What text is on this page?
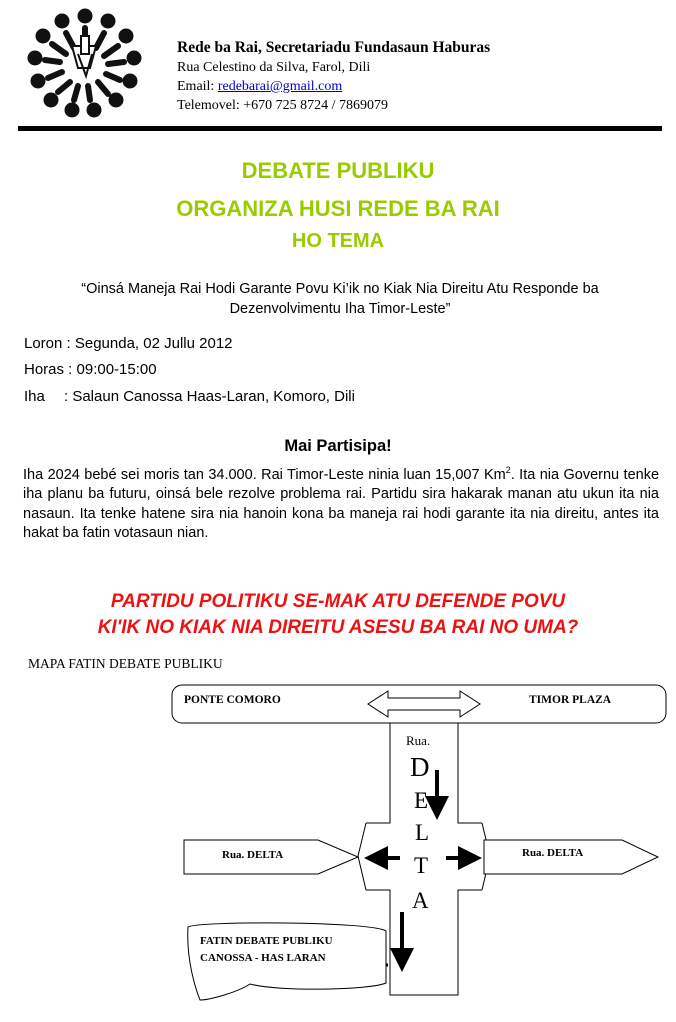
Rede ba Rai, Secretariadu Fundasaun Haburas
Rua Celestino da Silva, Farol, Dili
Email: redebarai@gmail.com
Telemovel: +670 725 8724 / 7869079
DEBATE PUBLIKU
ORGANIZA HUSI REDE BA RAI
HO TEMA
“Oinsá Maneja Rai Hodi Garante Povu Ki’ik no Kiak Nia Direitu Atu Responde ba Dezenvolvimentu Iha Timor-Leste”
Loron : Segunda, 02 Jullu 2012
Horas : 09:00-15:00
Iha : Salaun Canossa Haas-Laran, Komoro, Dili
Mai Partisipa!
Iha 2024 bebé sei moris tan 34.000. Rai Timor-Leste ninia luan 15,007 Km$^2$. Ita nia Governu tenke iha planu ba futuru, oinsá bele rezolve problema rai. Partidu sira hakarak manan atu ukun ita nia nasaun. Ita tenke hatene sira nia hanoin kona ba maneja rai hodi garante ita nia direitu, antes ita hakat ba fatin votasaun nian.
PARTIDU POLITIKU SE-MAK ATU DEFENDE POVU
KI'IK NO KIAK NIA DIREITU ASESU BA RAI NO UMA?
MAPA FATIN DEBATE PUBLIKU
PONTE COMORO	TIMOR PLAZA
Rua. DELTA	Rua. DELTA
Rua.
D
E
L
T
A
FATIN DEBATE PUBLIKU
CANOSSA - HAS LARAN
